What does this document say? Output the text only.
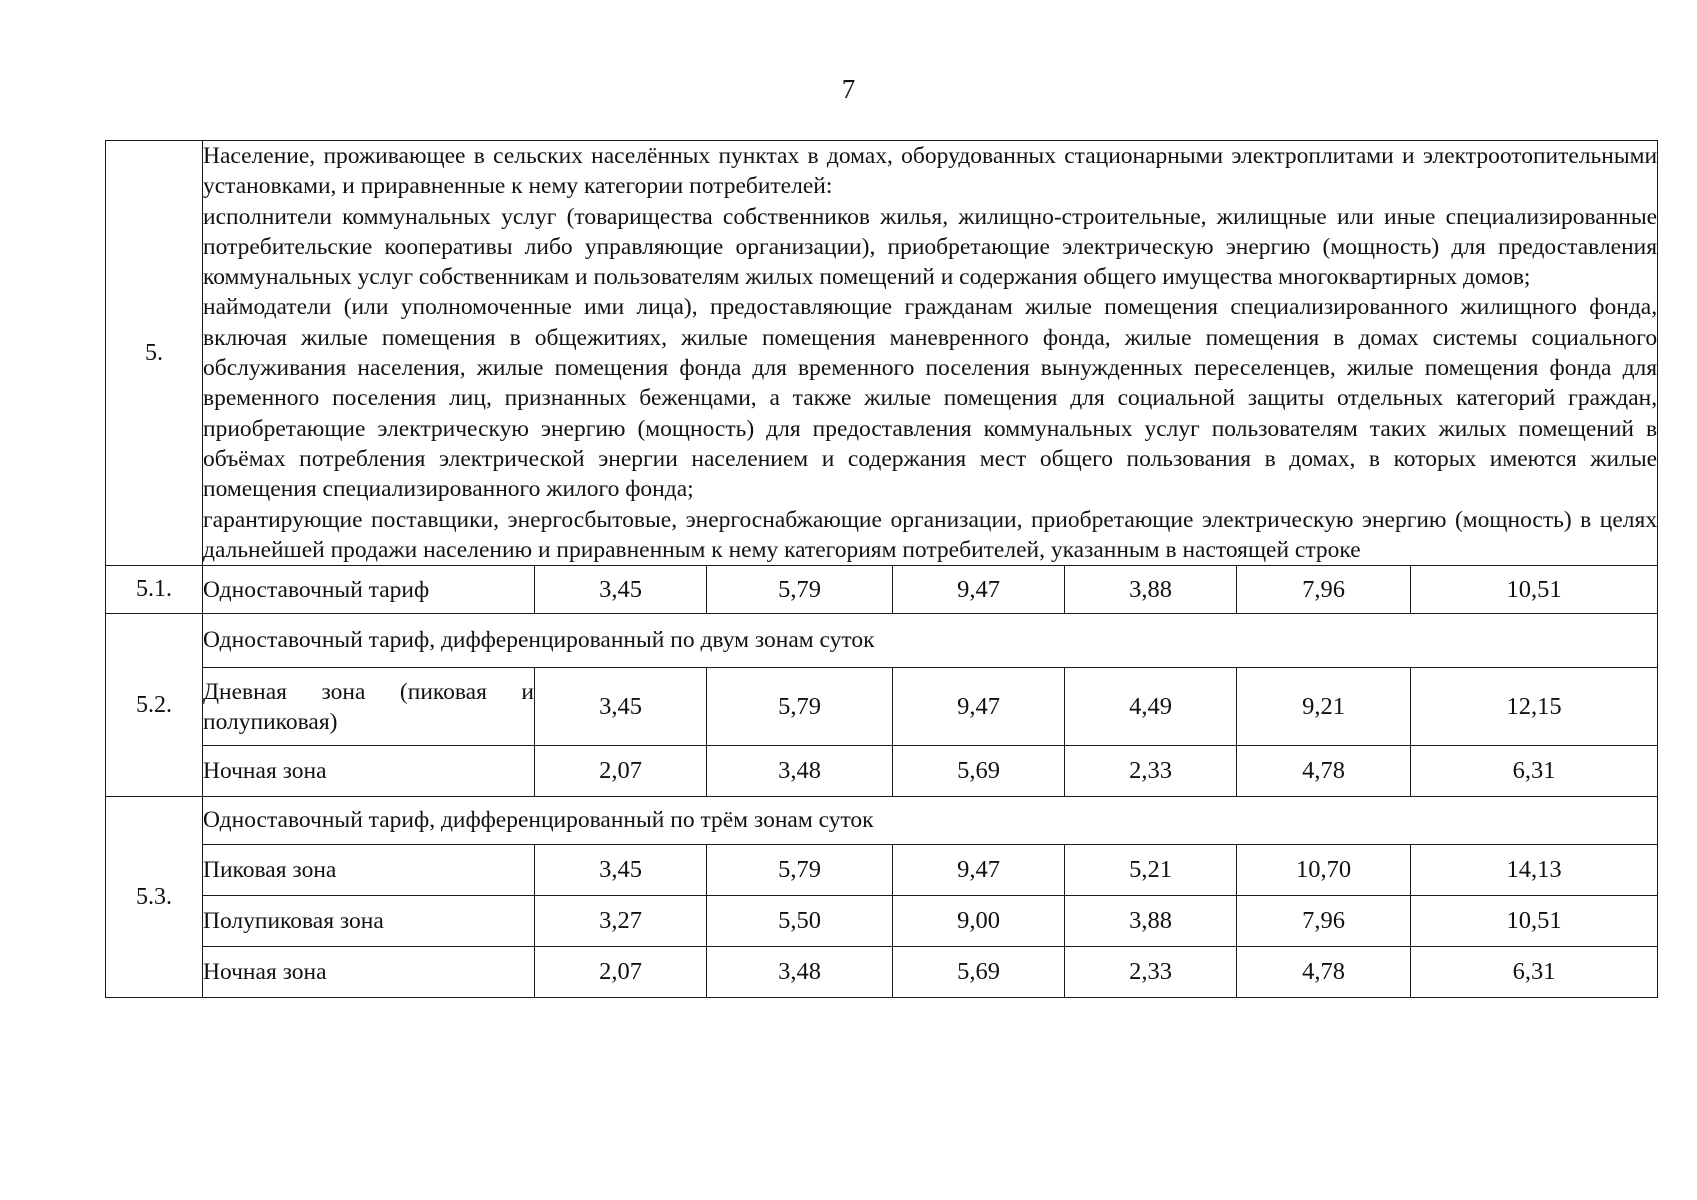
7
5.	Население, проживающее в сельских населённых пунктах в домах, оборудованных стационарными электроплитами и электроотопительными установками, и приравненные к нему категории потребителей:

исполнители коммунальных услуг (товарищества собственников жилья, жилищно-строительные, жилищные или иные специализированные потребительские кооперативы либо управляющие организации), приобретающие электрическую энергию (мощность) для предоставления коммунальных услуг собственникам и пользователям жилых помещений и содержания общего имущества многоквартирных домов;

наймодатели (или уполномоченные ими лица), предоставляющие гражданам жилые помещения специализированного жилищного фонда, включая жилые помещения в общежитиях, жилые помещения маневренного фонда, жилые помещения в домах системы социального обслуживания населения, жилые помещения фонда для временного поселения вынужденных переселенцев, жилые помещения фонда для временного поселения лиц, признанных беженцами, а также жилые помещения для социальной защиты отдельных категорий граждан, приобретающие электрическую энергию (мощность) для предоставления коммунальных услуг пользователям таких жилых помещений в объёмах потребления электрической энергии населением и содержания мест общего пользования в домах, в которых имеются жилые помещения специализированного жилого фонда;

гарантирующие поставщики, энергосбытовые, энергоснабжающие организации, приобретающие электрическую энергию (мощность) в целях дальнейшей продажи населению и приравненным к нему категориям потребителей, указанным в настоящей строке						

5.1.	Одноставочный тариф	3,45	5,79	9,47	3,88	7,96	10,51
5.2.	Одноставочный тариф, дифференцированный по двум зонам суток						
	Дневная зона (пиковая и полупиковая)	3,45	5,79	9,47	4,49	9,21	12,15
	Ночная зона	2,07	3,48	5,69	2,33	4,78	6,31
5.3.	Одноставочный тариф, дифференцированный по трём зонам суток						
	Пиковая зона	3,45	5,79	9,47	5,21	10,70	14,13
	Полупиковая зона	3,27	5,50	9,00	3,88	7,96	10,51
	Ночная зона	2,07	3,48	5,69	2,33	4,78	6,31
